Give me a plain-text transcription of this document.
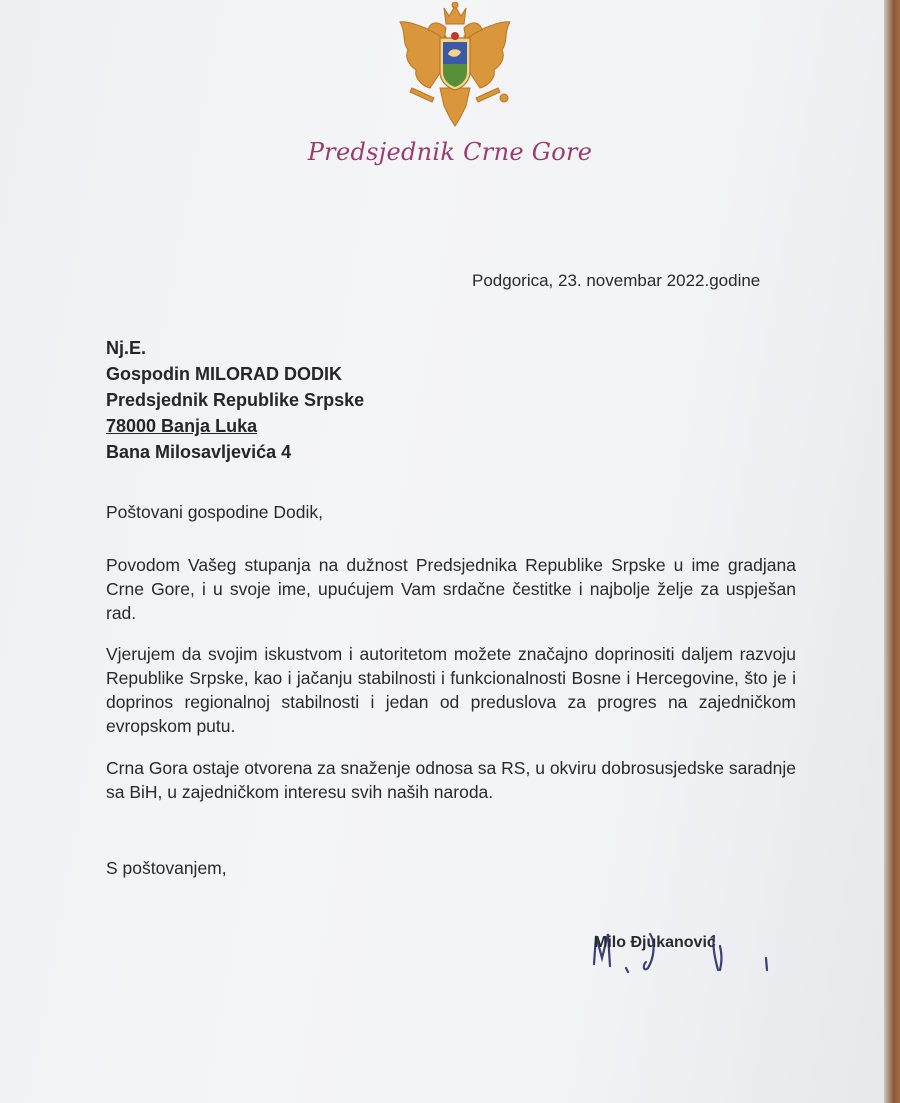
Predsjednik Crne Gore
Podgorica, 23. novembar 2022.godine
Nj.E.
Gospodin MILORAD DODIK
Predsjednik Republike Srpske
78000 Banja Luka
Bana Milosavljevića 4
Poštovani gospodine Dodik,
Povodom Vašeg stupanja na dužnost Predsjednika Republike Srpske u ime gradjana Crne Gore, i u svoje ime, upućujem Vam srdačne čestitke i najbolje želje za uspješan rad.
Vjerujem da svojim iskustvom i autoritetom možete značajno doprinositi daljem razvoju Republike Srpske, kao i jačanju stabilnosti i funkcionalnosti Bosne i Hercegovine, što je i doprinos regionalnoj stabilnosti i jedan od preduslova za progres na zajedničkom evropskom putu.
Crna Gora ostaje otvorena za snaženje odnosa sa RS, u okviru dobrosusjedske saradnje sa BiH, u zajedničkom interesu svih naših naroda.
S poštovanjem,
Milo Đjukanović
